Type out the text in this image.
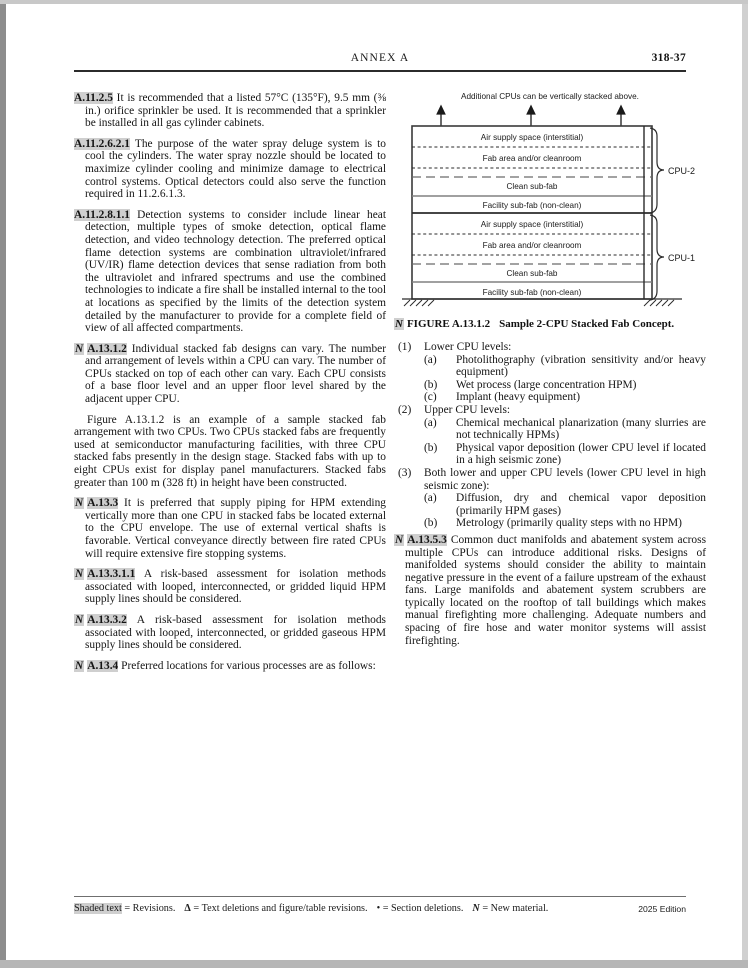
ANNEX A	318-37

A.11.2.5 It is recommended that a listed 57°C (135°F), 9.5 mm (⅜ in.) orifice sprinkler be used. It is recommended that a sprinkler be installed in all gas cylinder cabinets.

A.11.2.6.2.1 The purpose of the water spray deluge system is to cool the cylinders. The water spray nozzle should be located to maximize cylinder cooling and minimize damage to electrical control systems. Optical detectors could also serve the function required in 11.2.6.1.3.

A.11.2.8.1.1 Detection systems to consider include linear heat detection, multiple types of smoke detection, optical flame detection, and video technology detection. The preferred optical flame detection systems are combination ultraviolet/infrared (UV/IR) flame detection devices that sense radiation from both the ultraviolet and infrared spectrums and use the combined technologies to indicate a fire shall be installed internal to the tool at locations as specified by the limits of the detection system detailed by the manufacturer to provide for a complete field of view of all affected compartments.

N A.13.1.2 Individual stacked fab designs can vary. The number and arrangement of levels within a CPU can vary. The number of CPUs stacked on top of each other can vary. Each CPU consists of a base floor level and an upper floor level shared by the adjacent upper CPU.

Figure A.13.1.2 is an example of a sample stacked fab arrangement with two CPUs. Two CPUs stacked fabs are frequently used at semiconductor manufacturing facilities, with three CPU stacked fabs presently in the design stage. Stacked fabs with up to eight CPUs exist for display panel manufacturers. Stacked fabs greater than 100 m (328 ft) in height have been constructed.

N A.13.3 It is preferred that supply piping for HPM extending vertically more than one CPU in stacked fabs be located external to the CPU envelope. The use of external vertical shafts is favorable. Vertical conveyance directly between fire rated CPUs will require extensive fire stopping systems.

N A.13.3.1.1 A risk-based assessment for isolation methods associated with looped, interconnected, or gridded liquid HPM supply lines should be considered.

N A.13.3.2 A risk-based assessment for isolation methods associated with looped, interconnected, or gridded gaseous HPM supply lines should be considered.

N A.13.4 Preferred locations for various processes are as follows:

Additional CPUs can be vertically stacked above.
Air supply space (interstitial)
Fab area and/or cleanroom
Clean sub-fab
Facility sub-fab (non-clean)
Air supply space (interstitial)
Fab area and/or cleanroom
Clean sub-fab
Facility sub-fab (non-clean)
CPU-2
CPU-1
N FIGURE A.13.1.2 Sample 2-CPU Stacked Fab Concept.
(1)	Lower CPU levels:
(a)	Photolithography (vibration sensitivity and/or heavy equipment)
(b)	Wet process (large concentration HPM)
(c)	Implant (heavy equipment)
(2)	Upper CPU levels:
(a)	Chemical mechanical planarization (many slurries are not technically HPMs)
(b)	Physical vapor deposition (lower CPU level if located in a high seismic zone)
(3)	Both lower and upper CPU levels (lower CPU level in high seismic zone):
(a)	Diffusion, dry and chemical vapor deposition (primarily HPM gases)
(b)	Metrology (primarily quality steps with no HPM)

N A.13.5.3 Common duct manifolds and abatement system across multiple CPUs can introduce additional risks. Designs of manifolded systems should consider the ability to maintain negative pressure in the event of a failure upstream of the exhaust fans. Large manifolds and abatement system scrubbers are typically located on the rooftop of tall buildings which makes manual firefighting more challenging. Adequate numbers and spacing of fire hose and water monitor systems will assist firefighting.

Shaded text = Revisions. Δ = Text deletions and figure/table revisions. • = Section deletions. N = New material.	2025 Edition
